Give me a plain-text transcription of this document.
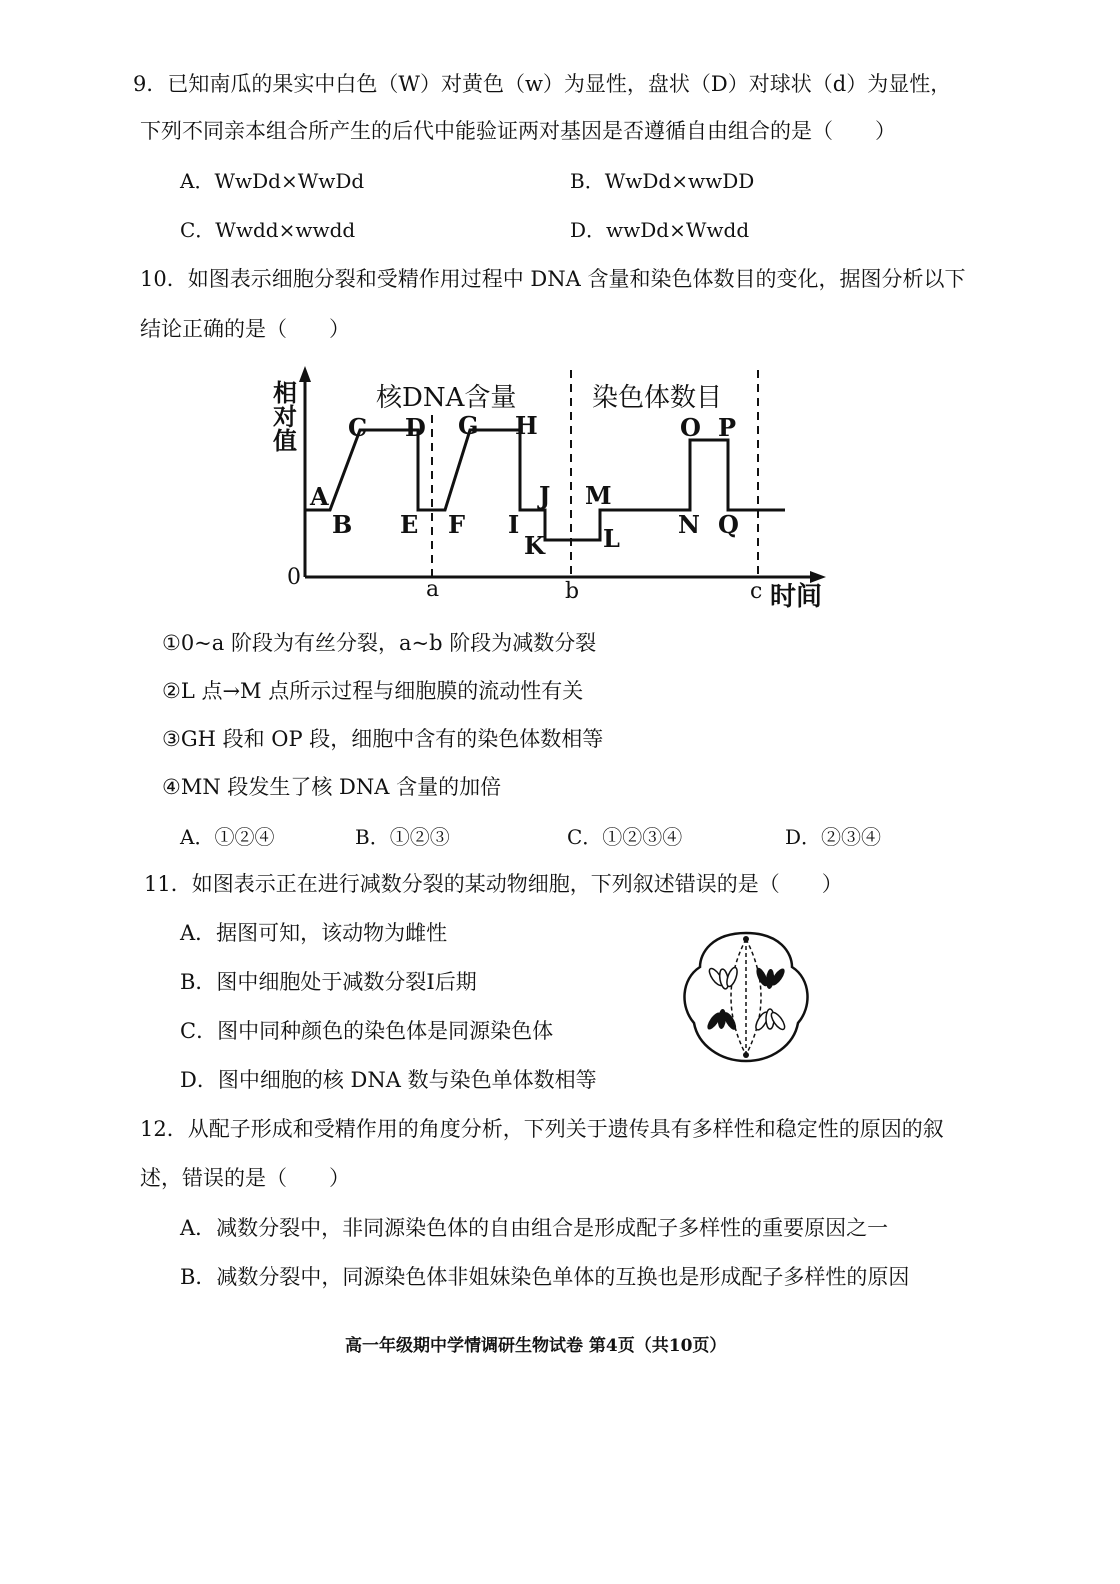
9．已知南瓜的果实中白色（W）对黄色（w）为显性，盘状（D）对球状（d）为显性，
下列不同亲本组合所产生的后代中能验证两对基因是否遵循自由组合的是（　　）
A．WwDd×WwDd	B．WwDd×wwDD
C．Wwdd×wwdd	D．wwDd×Wwdd
10．如图表示细胞分裂和受精作用过程中 DNA 含量和染色体数目的变化，据图分析以下
结论正确的是（　　）
相对值
0
核DNA含量	染色体数目
a	b	c 时间
A
B
C D
E F
G H
I
J
K L
M
N
O P
Q
①0~a 阶段为有丝分裂，a~b 阶段为减数分裂
②L 点→M 点所示过程与细胞膜的流动性有关
③GH 段和 OP 段，细胞中含有的染色体数相等
④MN 段发生了核 DNA 含量的加倍
A．①②④	B．①②③	C．①②③④	D．②③④
11．如图表示正在进行减数分裂的某动物细胞，下列叙述错误的是（　　）
A．据图可知，该动物为雌性
B．图中细胞处于减数分裂Ⅰ后期
C．图中同种颜色的染色体是同源染色体
D．图中细胞的核 DNA 数与染色单体数相等
12．从配子形成和受精作用的角度分析，下列关于遗传具有多样性和稳定性的原因的叙
述，错误的是（　　）
A．减数分裂中，非同源染色体的自由组合是形成配子多样性的重要原因之一
B．减数分裂中，同源染色体非姐妹染色单体的互换也是形成配子多样性的原因
高一年级期中学情调研生物试卷 第4页（共10页）
